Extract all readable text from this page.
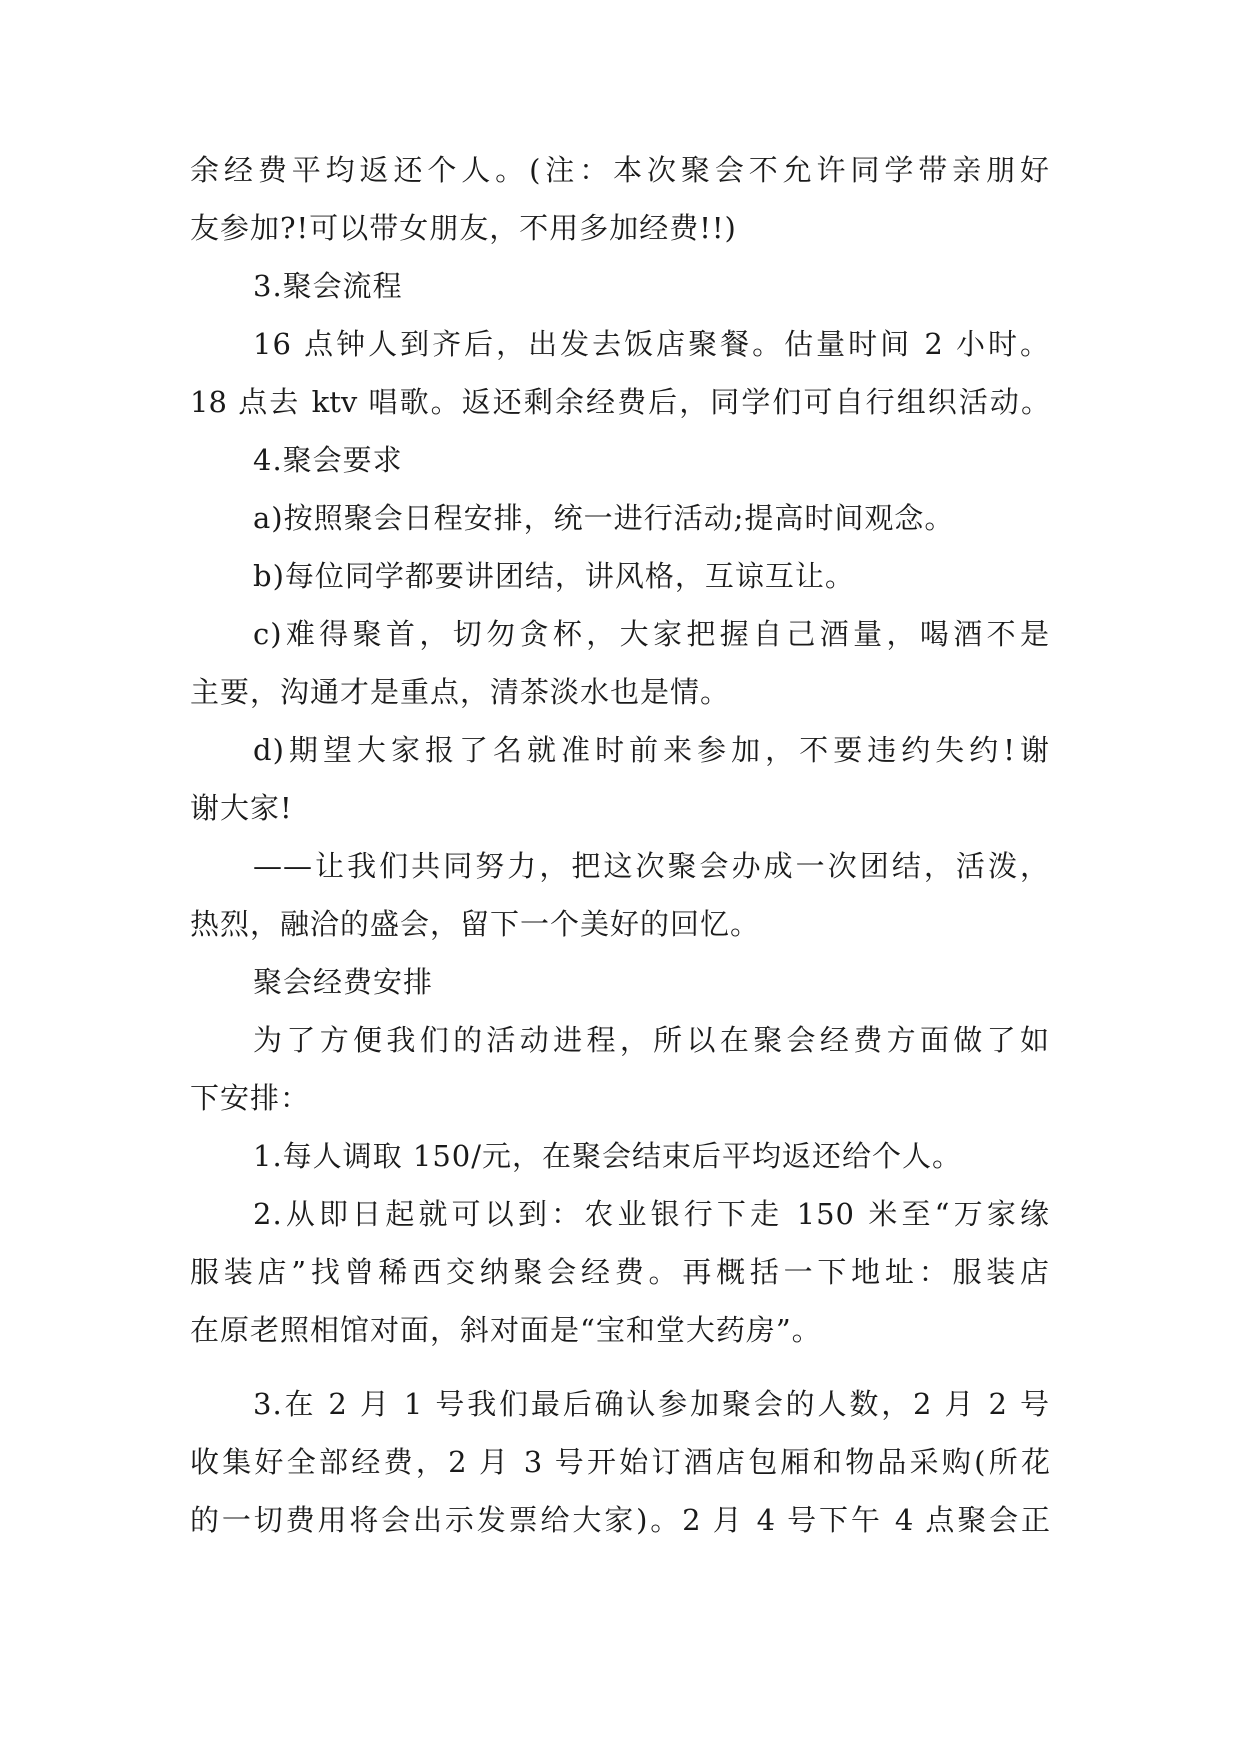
余经费平均返还个人。(注：本次聚会不允许同学带亲朋好
友参加?!可以带女朋友，不用多加经费!!)
3.聚会流程
16 点钟人到齐后，出发去饭店聚餐。估量时间 2 小时。
18 点去 ktv 唱歌。返还剩余经费后，同学们可自行组织活动。
4.聚会要求
a)按照聚会日程安排，统一进行活动;提高时间观念。
b)每位同学都要讲团结，讲风格，互谅互让。
c)难得聚首，切勿贪杯，大家把握自己酒量，喝酒不是
主要，沟通才是重点，清茶淡水也是情。
d)期望大家报了名就准时前来参加，不要违约失约!谢
谢大家!
——让我们共同努力，把这次聚会办成一次团结，活泼，
热烈，融洽的盛会，留下一个美好的回忆。
聚会经费安排
为了方便我们的活动进程，所以在聚会经费方面做了如
下安排：
1.每人调取 150/元，在聚会结束后平均返还给个人。
2.从即日起就可以到：农业银行下走 150 米至“万家缘
服装店”找曾稀西交纳聚会经费。再概括一下地址：服装店
在原老照相馆对面，斜对面是“宝和堂大药房”。
3.在 2 月 1 号我们最后确认参加聚会的人数，2 月 2 号
收集好全部经费，2 月 3 号开始订酒店包厢和物品采购(所花
的一切费用将会出示发票给大家)。2 月 4 号下午 4 点聚会正
